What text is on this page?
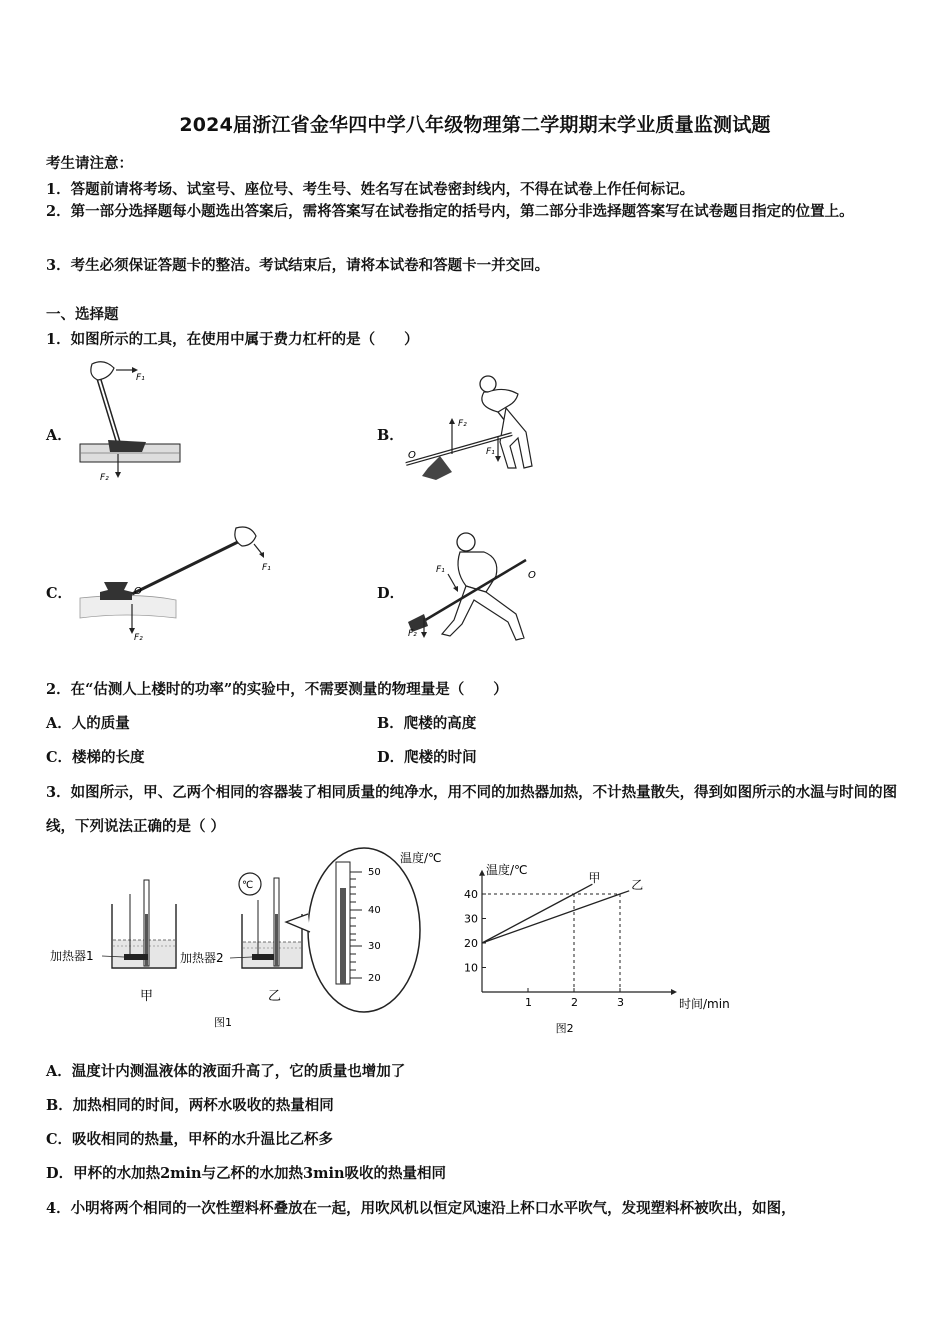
2024届浙江省金华四中学八年级物理第二学期期末学业质量监测试题
考生请注意：
1．答题前请将考场、试室号、座位号、考生号、姓名写在试卷密封线内，不得在试卷上作任何标记。
2．第一部分选择题每小题选出答案后，需将答案写在试卷指定的括号内，第二部分非选择题答案写在试卷题目指定的位置上。
3．考生必须保证答题卡的整洁。考试结束后，请将本试卷和答题卡一并交回。
一、选择题
1．如图所示的工具，在使用中属于费力杠杆的是（　　）
A．	B．
C．	D．
F₁
F₂
F₂
F₁
O
F₁
O
F₂
O
F₁
F₂
2．在“估测人上楼时的功率”的实验中，不需要测量的物理量是（　　）
A．人的质量	B．爬楼的高度
C．楼梯的长度	D．爬楼的时间
3．如图所示，甲、乙两个相同的容器装了相同质量的纯净水，用不同的加热器加热，不计热量散失，得到如图所示的水温与时间的图线，下列说法正确的是（ ）
加热器1
甲
℃
加热器2
乙
50
40
30
20
温度/℃
图1
温度/℃
时间/min
图2
1	2	3
10
20
30
40
甲	乙
A．温度计内测温液体的液面升高了，它的质量也增加了
B．加热相同的时间，两杯水吸收的热量相同
C．吸收相同的热量，甲杯的水升温比乙杯多
D．甲杯的水加热2min与乙杯的水加热3min吸收的热量相同
4．小明将两个相同的一次性塑料杯叠放在一起，用吹风机以恒定风速沿上杯口水平吹气，发现塑料杯被吹出，如图，
